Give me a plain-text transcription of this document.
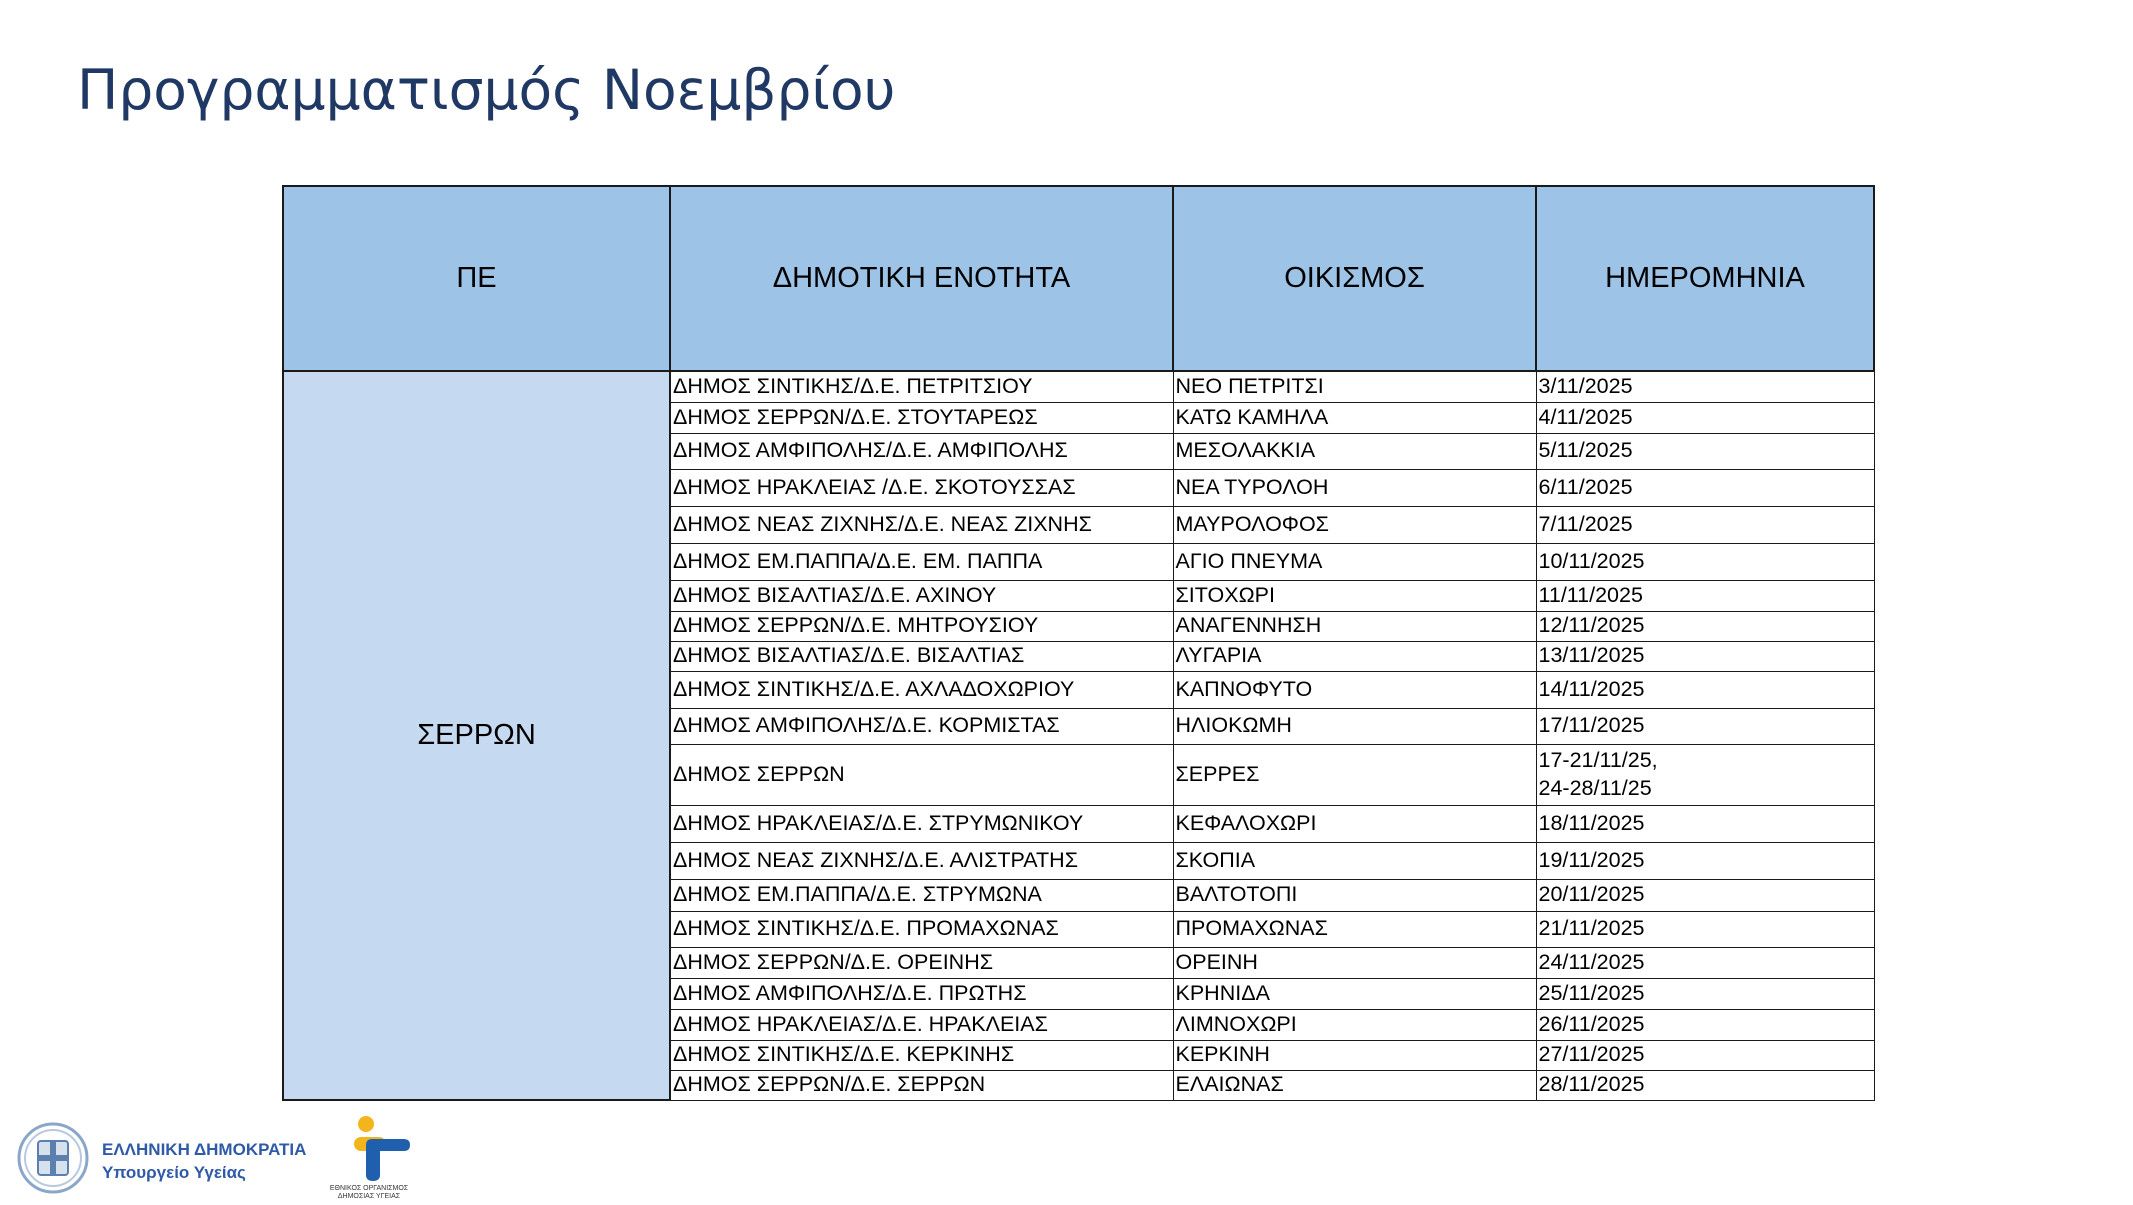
Προγραμματισμός Νοεμβρίου
ΠΕ	ΔΗΜΟΤΙΚΗ ΕΝΟΤΗΤΑ	ΟΙΚΙΣΜΟΣ	ΗΜΕΡΟΜΗΝΙΑ
ΣΕΡΡΩΝ	ΔΗΜΟΣ ΣΙΝΤΙΚΗΣ/Δ.Ε. ΠΕΤΡΙΤΣΙΟΥ	ΝΕΟ ΠΕΤΡΙΤΣΙ	3/11/2025
	ΔΗΜΟΣ ΣΕΡΡΩΝ/Δ.Ε. ΣΤΟΥΤΑΡΕΩΣ	ΚΑΤΩ ΚΑΜΗΛΑ	4/11/2025
	ΔΗΜΟΣ ΑΜΦΙΠΟΛΗΣ/Δ.Ε. ΑΜΦΙΠΟΛΗΣ	ΜΕΣΟΛΑΚΚΙΑ	5/11/2025
	ΔΗΜΟΣ ΗΡΑΚΛΕΙΑΣ /Δ.Ε. ΣΚΟΤΟΥΣΣΑΣ	ΝΕΑ ΤΥΡΟΛΟΗ	6/11/2025
	ΔΗΜΟΣ ΝΕΑΣ ΖΙΧΝΗΣ/Δ.Ε. ΝΕΑΣ ΖΙΧΝΗΣ	ΜΑΥΡΟΛΟΦΟΣ	7/11/2025
	ΔΗΜΟΣ ΕΜ.ΠΑΠΠΑ/Δ.Ε. ΕΜ. ΠΑΠΠΑ	ΑΓΙΟ ΠΝΕΥΜΑ	10/11/2025
	ΔΗΜΟΣ ΒΙΣΑΛΤΙΑΣ/Δ.Ε. ΑΧΙΝΟΥ	ΣΙΤΟΧΩΡΙ	11/11/2025
	ΔΗΜΟΣ ΣΕΡΡΩΝ/Δ.Ε. ΜΗΤΡΟΥΣΙΟΥ	ΑΝΑΓΕΝΝΗΣΗ	12/11/2025
	ΔΗΜΟΣ ΒΙΣΑΛΤΙΑΣ/Δ.Ε. ΒΙΣΑΛΤΙΑΣ	ΛΥΓΑΡΙΑ	13/11/2025
	ΔΗΜΟΣ ΣΙΝΤΙΚΗΣ/Δ.Ε. ΑΧΛΑΔΟΧΩΡΙΟΥ	ΚΑΠΝΟΦΥΤΟ	14/11/2025
	ΔΗΜΟΣ ΑΜΦΙΠΟΛΗΣ/Δ.Ε. ΚΟΡΜΙΣΤΑΣ	ΗΛΙΟΚΩΜΗ	17/11/2025
	ΔΗΜΟΣ ΣΕΡΡΩΝ	ΣΕΡΡΕΣ	17-21/11/25,
24-28/11/25

	ΔΗΜΟΣ ΗΡΑΚΛΕΙΑΣ/Δ.Ε. ΣΤΡΥΜΩΝΙΚΟΥ	ΚΕΦΑΛΟΧΩΡΙ	18/11/2025
	ΔΗΜΟΣ ΝΕΑΣ ΖΙΧΝΗΣ/Δ.Ε. ΑΛΙΣΤΡΑΤΗΣ	ΣΚΟΠΙΑ	19/11/2025
	ΔΗΜΟΣ ΕΜ.ΠΑΠΠΑ/Δ.Ε. ΣΤΡΥΜΩΝΑ	ΒΑΛΤΟΤΟΠΙ	20/11/2025
	ΔΗΜΟΣ ΣΙΝΤΙΚΗΣ/Δ.Ε. ΠΡΟΜΑΧΩΝΑΣ	ΠΡΟΜΑΧΩΝΑΣ	21/11/2025
	ΔΗΜΟΣ ΣΕΡΡΩΝ/Δ.Ε. ΟΡΕΙΝΗΣ	ΟΡΕΙΝΗ	24/11/2025
	ΔΗΜΟΣ ΑΜΦΙΠΟΛΗΣ/Δ.Ε. ΠΡΩΤΗΣ	ΚΡΗΝΙΔΑ	25/11/2025
	ΔΗΜΟΣ ΗΡΑΚΛΕΙΑΣ/Δ.Ε. ΗΡΑΚΛΕΙΑΣ	ΛΙΜΝΟΧΩΡΙ	26/11/2025
	ΔΗΜΟΣ ΣΙΝΤΙΚΗΣ/Δ.Ε. ΚΕΡΚΙΝΗΣ	ΚΕΡΚΙΝΗ	27/11/2025
	ΔΗΜΟΣ ΣΕΡΡΩΝ/Δ.Ε. ΣΕΡΡΩΝ	ΕΛΑΙΩΝΑΣ	28/11/2025
ΕΛΛΗΝΙΚΗ ΔΗΜΟΚΡΑΤΙΑ
Υπουργείο Υγείας
ΕΘΝΙΚΟΣ ΟΡΓΑΝΙΣΜΟΣ
ΔΗΜΟΣΙΑΣ ΥΓΕΙΑΣ
